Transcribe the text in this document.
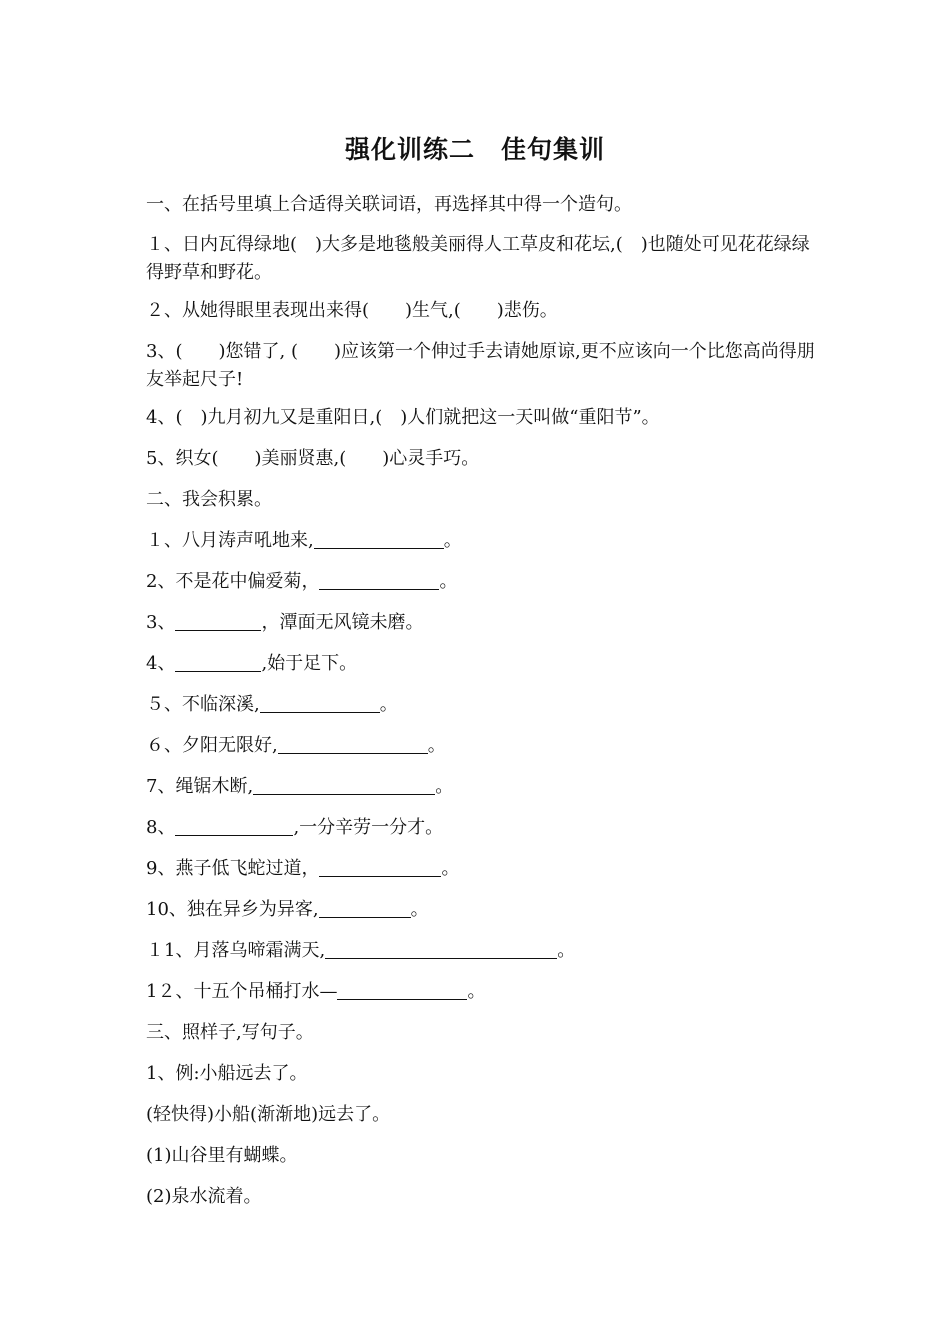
强化训练二　佳句集训
一、在括号里填上合适得关联词语，再选择其中得一个造句。
１、日内瓦得绿地(　)大多是地毯般美丽得人工草皮和花坛,(　)也随处可见花花绿绿得野草和野花。
２、从她得眼里表现出来得(　　)生气,(　　)悲伤。
3、(　　)您错了, (　　)应该第一个伸过手去请她原谅,更不应该向一个比您高尚得朋友举起尺子!
4、(　)九月初九又是重阳日,(　)人们就把这一天叫做“重阳节”。
5、织女(　　)美丽贤惠,(　　)心灵手巧。
二、我会积累。
１、八月涛声吼地来,	。
2、不是花中偏爱菊，	。
3、	，潭面无风镜未磨。
4、	,始于足下。
５、不临深溪,	。
６、夕阳无限好,	。
7、绳锯木断,	。
8、	,一分辛劳一分才。
9、燕子低飞蛇过道，	。
10、独在异乡为异客,	。
１1、月落乌啼霜满天,	。
1２、十五个吊桶打水—	。
三、照样子,写句子。
1、例:小船远去了。
(轻快得)小船(渐渐地)远去了。
(1)山谷里有蝴蝶。
(2)泉水流着。
